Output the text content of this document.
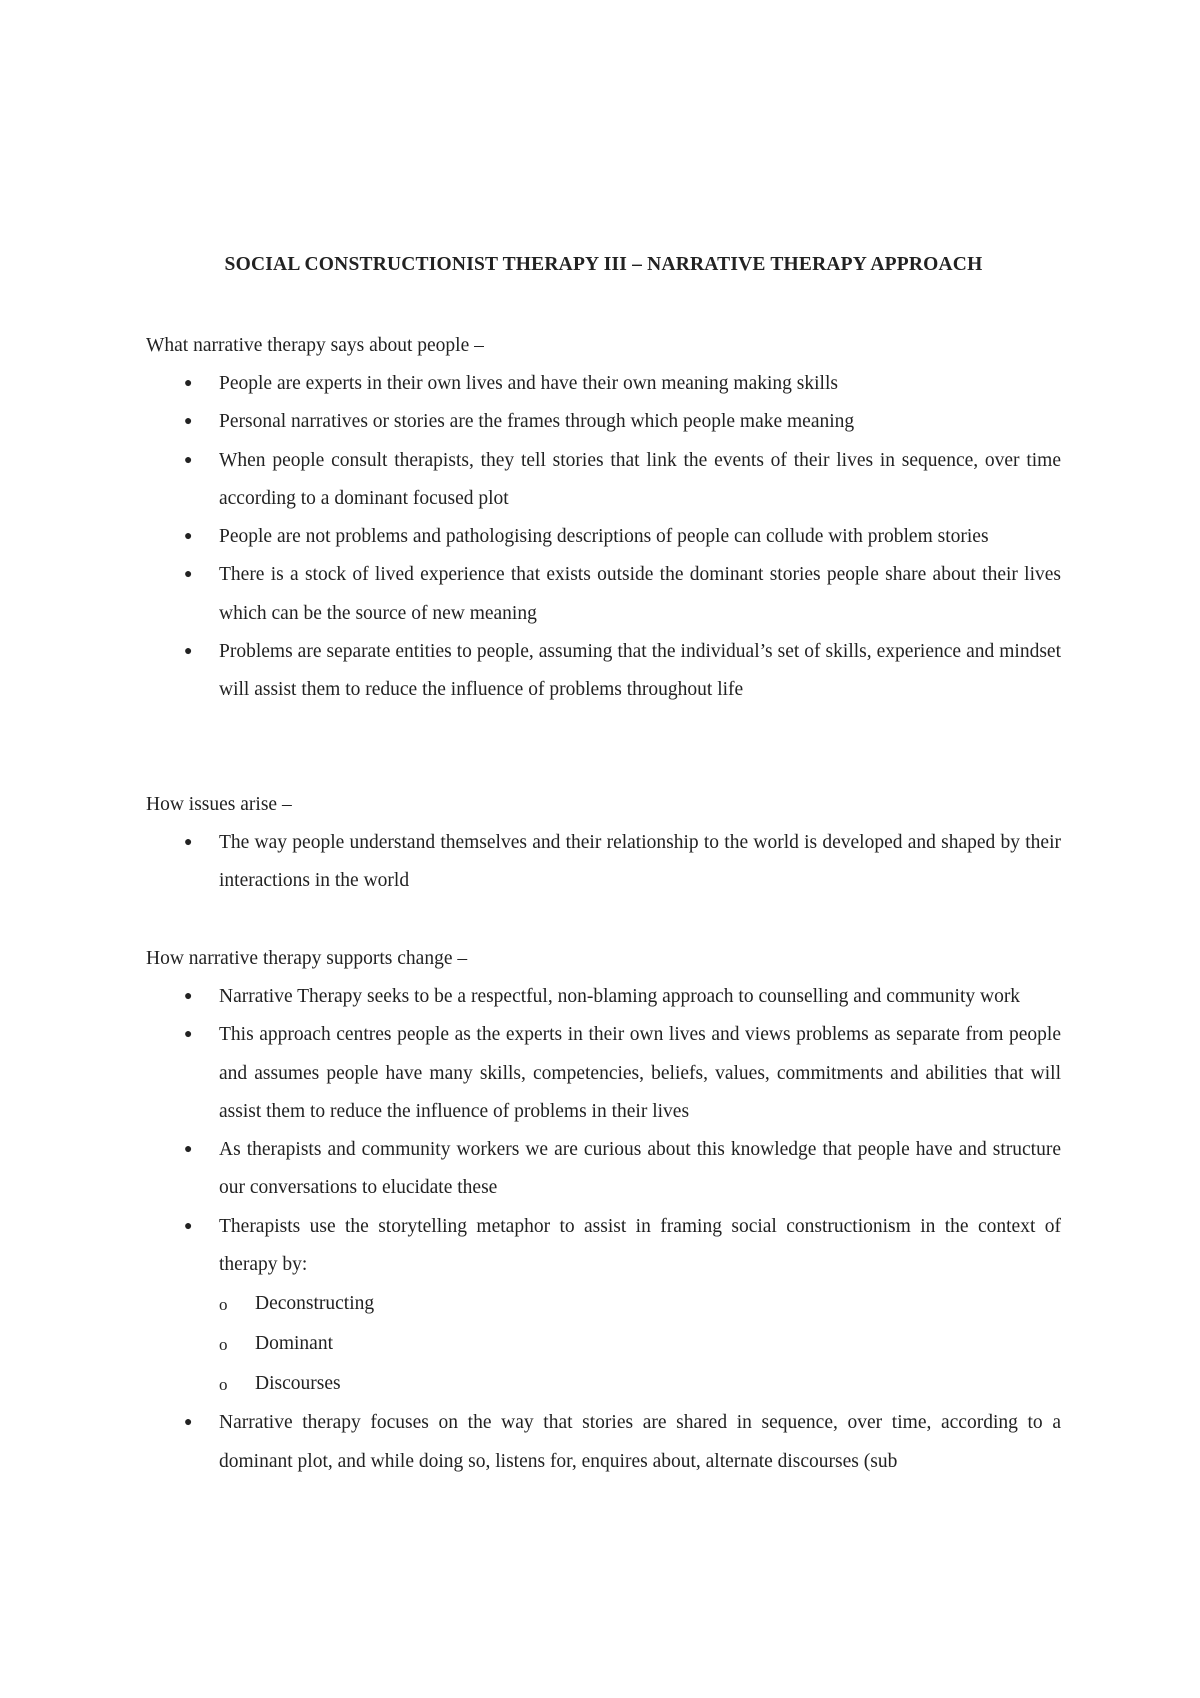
SOCIAL CONSTRUCTIONIST THERAPY III – NARRATIVE THERAPY APPROACH

What narrative therapy says about people –

●	People are experts in their own lives and have their own meaning making skills
●	Personal narratives or stories are the frames through which people make meaning
●	When people consult therapists, they tell stories that link the events of their lives in sequence, over time according to a dominant focused plot
●	People are not problems and pathologising descriptions of people can collude with problem stories
●	There is a stock of lived experience that exists outside the dominant stories people share about their lives which can be the source of new meaning
●	Problems are separate entities to people, assuming that the individual’s set of skills, experience and mindset will assist them to reduce the influence of problems throughout life

How issues arise –

●	The way people understand themselves and their relationship to the world is developed and shaped by their interactions in the world

How narrative therapy supports change –

●	Narrative Therapy seeks to be a respectful, non-blaming approach to counselling and community work
●	This approach centres people as the experts in their own lives and views problems as separate from people and assumes people have many skills, competencies, beliefs, values, commitments and abilities that will assist them to reduce the influence of problems in their lives
●	As therapists and community workers we are curious about this knowledge that people have and structure our conversations to elucidate these
●	Therapists use the storytelling metaphor to assist in framing social constructionism in the context of therapy by:
o Deconstructing
o Dominant
o Discourses
●	Narrative therapy focuses on the way that stories are shared in sequence, over time, according to a dominant plot, and while doing so, listens for, enquires about, alternate discourses (sub
